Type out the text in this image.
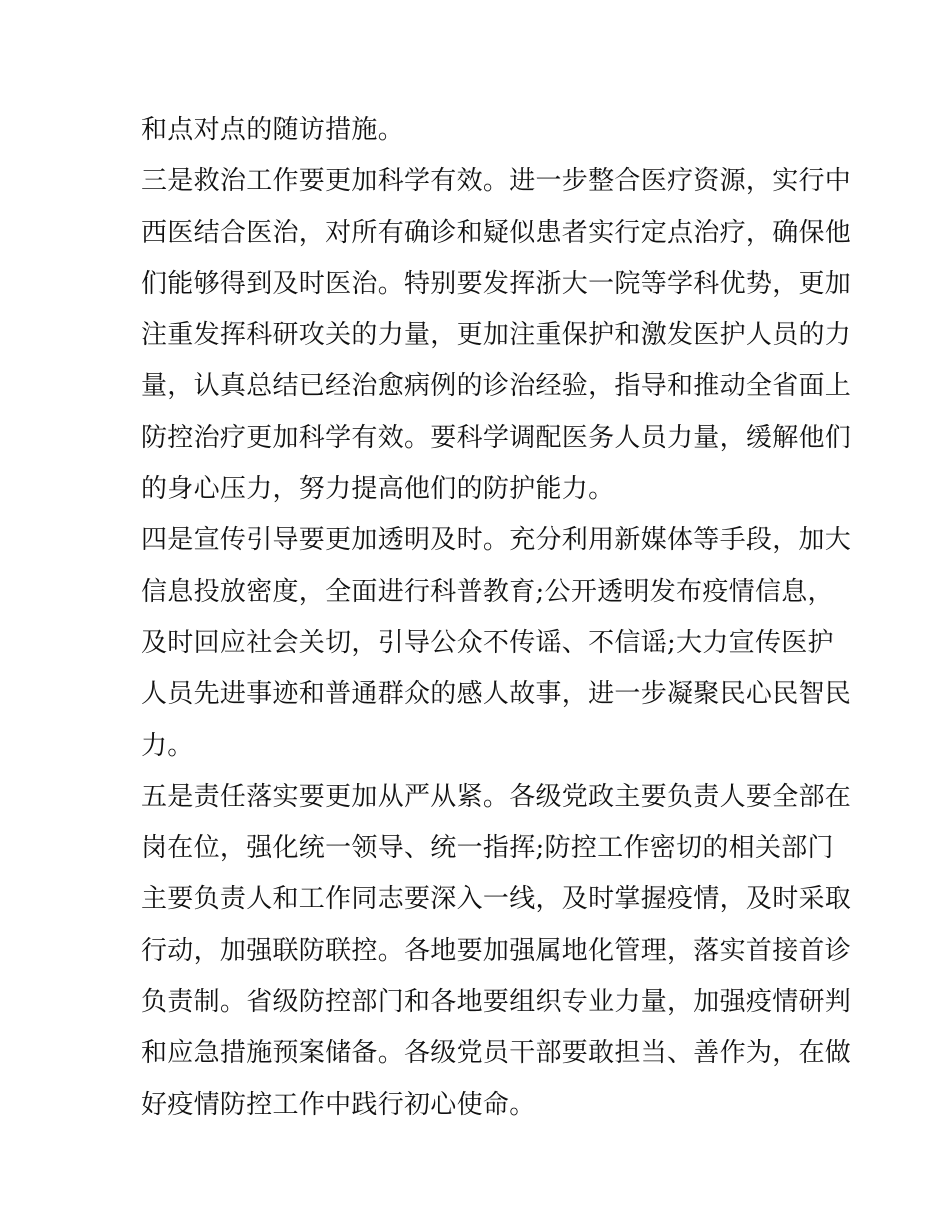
和点对点的随访措施。
三是救治工作要更加科学有效。进一步整合医疗资源，实行中
西医结合医治，对所有确诊和疑似患者实行定点治疗，确保他
们能够得到及时医治。特别要发挥浙大一院等学科优势，更加
注重发挥科研攻关的力量，更加注重保护和激发医护人员的力
量，认真总结已经治愈病例的诊治经验，指导和推动全省面上
防控治疗更加科学有效。要科学调配医务人员力量，缓解他们
的身心压力，努力提高他们的防护能力。
四是宣传引导要更加透明及时。充分利用新媒体等手段，加大
信息投放密度，全面进行科普教育;公开透明发布疫情信息，
及时回应社会关切，引导公众不传谣、不信谣;大力宣传医护
人员先进事迹和普通群众的感人故事，进一步凝聚民心民智民
力。
五是责任落实要更加从严从紧。各级党政主要负责人要全部在
岗在位，强化统一领导、统一指挥;防控工作密切的相关部门
主要负责人和工作同志要深入一线，及时掌握疫情，及时采取
行动，加强联防联控。各地要加强属地化管理，落实首接首诊
负责制。省级防控部门和各地要组织专业力量，加强疫情研判
和应急措施预案储备。各级党员干部要敢担当、善作为，在做
好疫情防控工作中践行初心使命。
